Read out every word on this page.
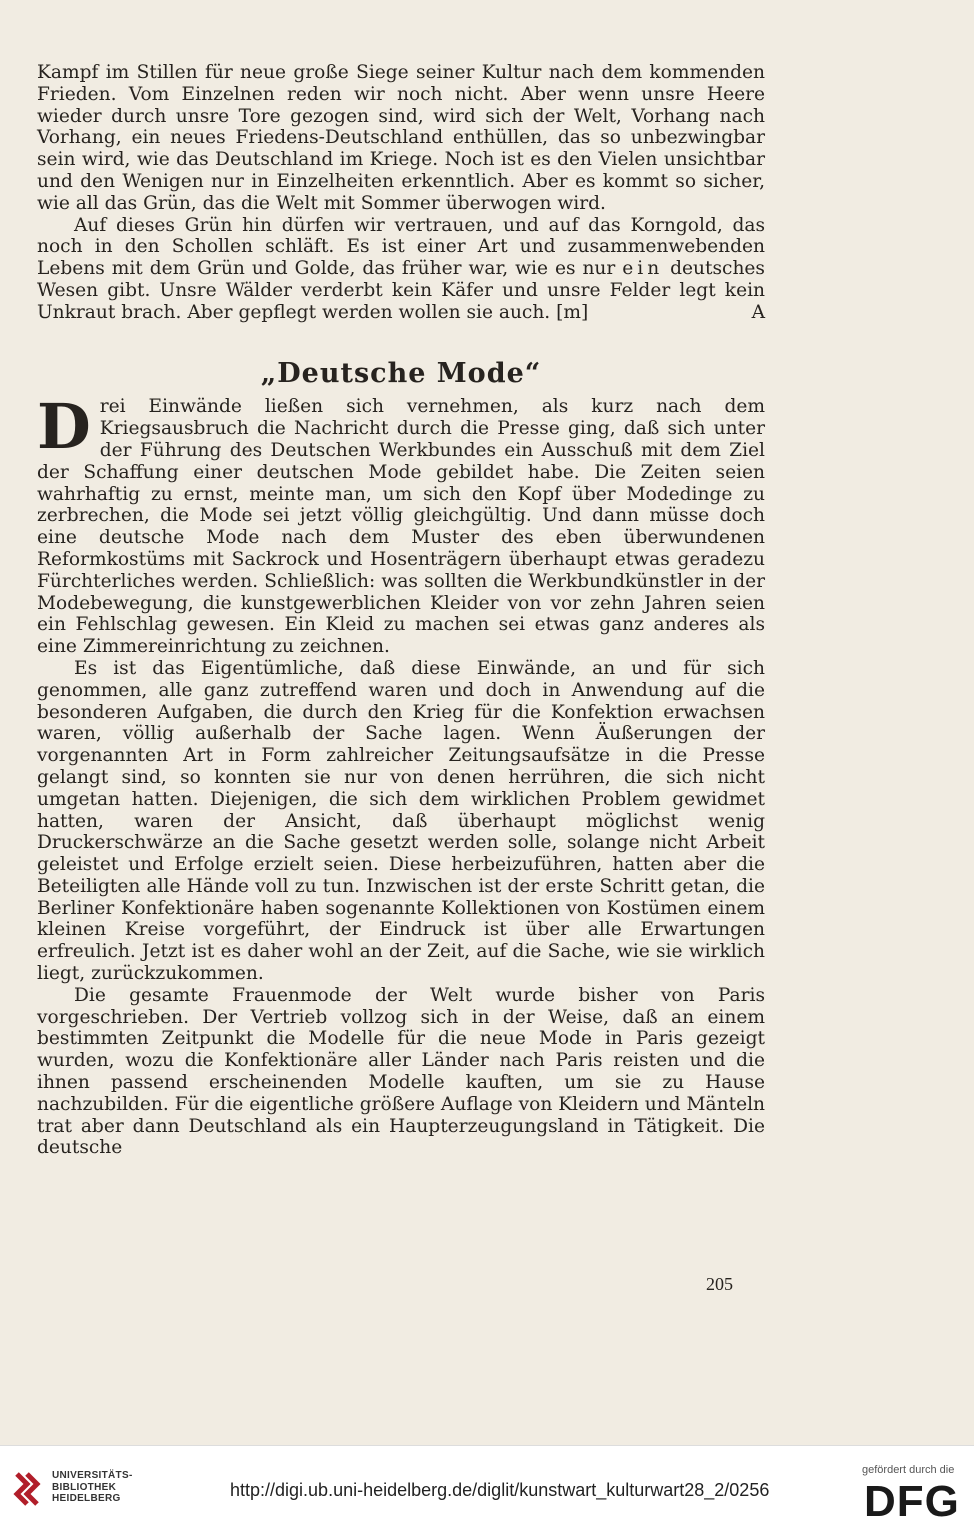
Kampf im Stillen für neue große Siege seiner Kultur nach dem kommenden Frieden. Vom Einzelnen reden wir noch nicht. Aber wenn unsre Heere wieder durch unsre Tore gezogen sind, wird sich der Welt, Vorhang nach Vorhang, ein neues Friedens-Deutschland enthüllen, das so unbezwingbar sein wird, wie das Deutschland im Kriege. Noch ist es den Vielen unsichtbar und den Wenigen nur in Einzelheiten erkenntlich. Aber es kommt so sicher, wie all das Grün, das die Welt mit Sommer überwogen wird.

Auf dieses Grün hin dürfen wir vertrauen, und auf das Korngold, das noch in den Schollen schläft. Es ist einer Art und zusammenwebenden Lebens mit dem Grün und Golde, das früher war, wie es nur ein deutsches Wesen gibt. Unsre Wälder verderbt kein Käfer und unsre Felder legt kein Unkraut brach. Aber gepflegt werden wollen sie auch. [m]	A

„Deutsche Mode“

Drei Einwände ließen sich vernehmen, als kurz nach dem Kriegsausbruch die Nachricht durch die Presse ging, daß sich unter der Führung des Deutschen Werkbundes ein Ausschuß mit dem Ziel der Schaffung einer deutschen Mode gebildet habe. Die Zeiten seien wahrhaftig zu ernst, meinte man, um sich den Kopf über Modedinge zu zerbrechen, die Mode sei jetzt völlig gleichgültig. Und dann müsse doch eine deutsche Mode nach dem Muster des eben überwundenen Reformkostüms mit Sackrock und Hosenträgern überhaupt etwas geradezu Fürchterliches werden. Schließlich: was sollten die Werkbundkünstler in der Modebewegung, die kunstgewerblichen Kleider von vor zehn Jahren seien ein Fehlschlag gewesen. Ein Kleid zu machen sei etwas ganz anderes als eine Zimmereinrichtung zu zeichnen.

Es ist das Eigentümliche, daß diese Einwände, an und für sich genommen, alle ganz zutreffend waren und doch in Anwendung auf die besonderen Aufgaben, die durch den Krieg für die Konfektion erwachsen waren, völlig außerhalb der Sache lagen. Wenn Äußerungen der vorgenannten Art in Form zahlreicher Zeitungsaufsätze in die Presse gelangt sind, so konnten sie nur von denen herrühren, die sich nicht umgetan hatten. Diejenigen, die sich dem wirklichen Problem gewidmet hatten, waren der Ansicht, daß überhaupt möglichst wenig Druckerschwärze an die Sache gesetzt werden solle, solange nicht Arbeit geleistet und Erfolge erzielt seien. Diese herbeizuführen, hatten aber die Beteiligten alle Hände voll zu tun. Inzwischen ist der erste Schritt getan, die Berliner Konfektionäre haben sogenannte Kollektionen von Kostümen einem kleinen Kreise vorgeführt, der Eindruck ist über alle Erwartungen erfreulich. Jetzt ist es daher wohl an der Zeit, auf die Sache, wie sie wirklich liegt, zurückzukommen.

Die gesamte Frauenmode der Welt wurde bisher von Paris vorgeschrieben. Der Vertrieb vollzog sich in der Weise, daß an einem bestimmten Zeitpunkt die Modelle für die neue Mode in Paris gezeigt wurden, wozu die Konfektionäre aller Länder nach Paris reisten und die ihnen passend erscheinenden Modelle kauften, um sie zu Hause nachzubilden. Für die eigentliche größere Auflage von Kleidern und Mänteln trat aber dann Deutschland als ein Haupterzeugungsland in Tätigkeit. Die deutsche

205
UNIVERSITÄTS-
BIBLIOTHEK
HEIDELBERG	http://digi.ub.uni-heidelberg.de/diglit/kunstwart_kulturwart28_2/0256
gefördert durch die
DFG
